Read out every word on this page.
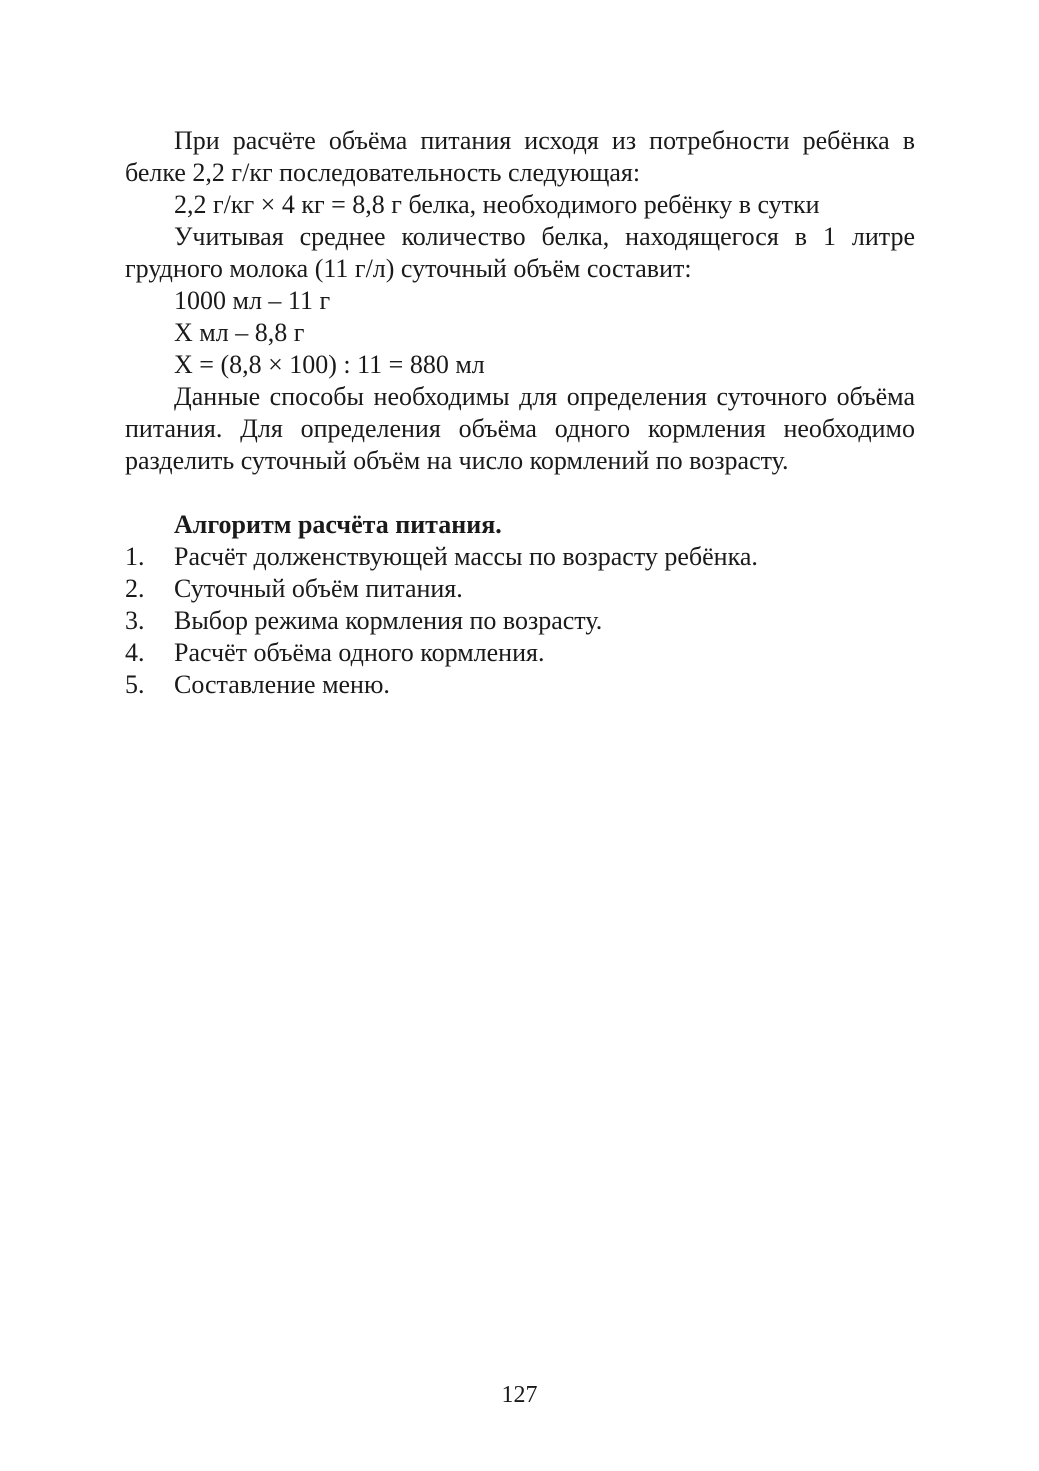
При расчёте объёма питания исходя из потребности ребёнка в белке 2,2 г/кг последовательность следующая:

2,2 г/кг × 4 кг = 8,8 г белка, необходимого ребёнку в сутки

Учитывая среднее количество белка, находящегося в 1 литре грудного молока (11 г/л) суточный объём составит:

1000 мл – 11 г

Х мл – 8,8 г

Х = (8,8 × 100) : 11 = 880 мл

Данные способы необходимы для определения суточного объёма питания. Для определения объёма одного кормления необходимо разделить суточный объём на число кормлений по возрасту.

Алгоритм расчёта питания.

1.	Расчёт долженствующей массы по возрасту ребёнка.
2.	Суточный объём питания.
3.	Выбор режима кормления по возрасту.
4.	Расчёт объёма одного кормления.
5.	Составление меню.
127
